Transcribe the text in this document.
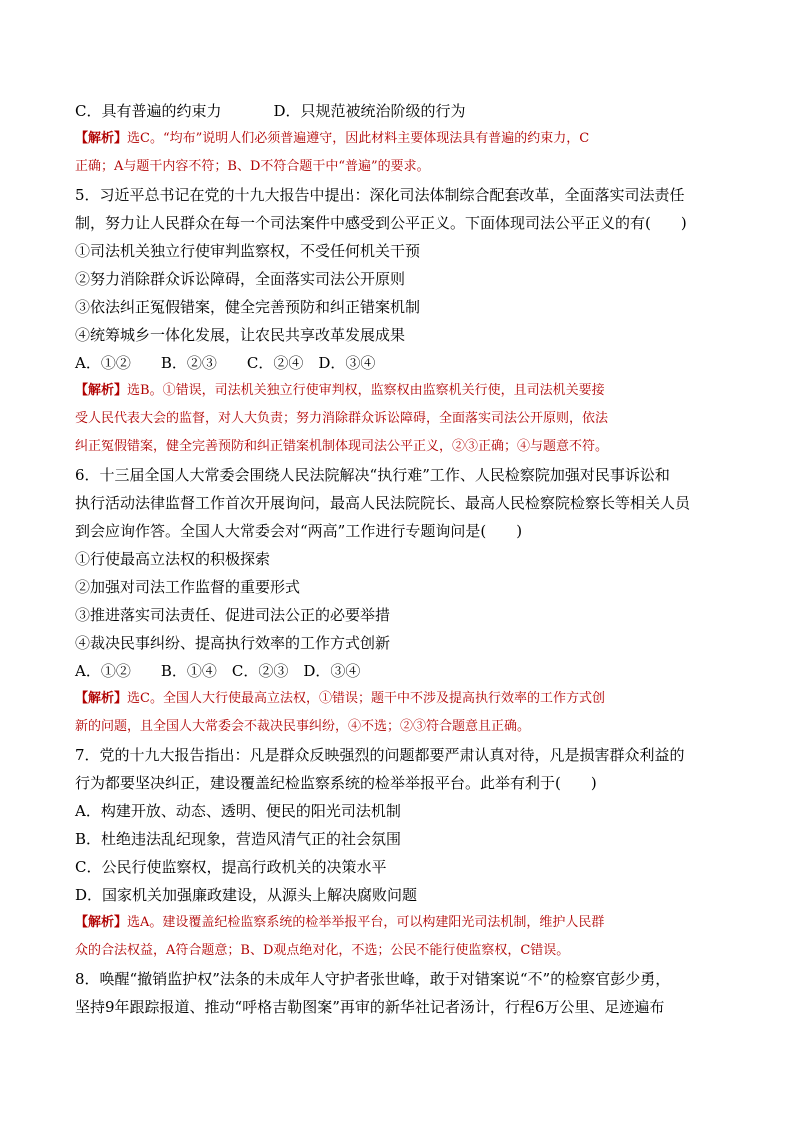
C．具有普遍的约束力	D．只规范被统治阶级的行为
【解析】选C。“均布”说明人们必须普遍遵守，因此材料主要体现法具有普遍的约束力，C
正确；A与题干内容不符；B、D不符合题干中“普遍”的要求。
5．习近平总书记在党的十九大报告中提出：深化司法体制综合配套改革，全面落实司法责任
制，努力让人民群众在每一个司法案件中感受到公平正义。下面体现司法公平正义的有(　　)
①司法机关独立行使审判监察权，不受任何机关干预
②努力消除群众诉讼障碍，全面落实司法公开原则
③依法纠正冤假错案，健全完善预防和纠正错案机制
④统筹城乡一体化发展，让农民共享改革发展成果
A．①②　　B．②③　　C．②④　D．③④
【解析】选B。①错误，司法机关独立行使审判权，监察权由监察机关行使，且司法机关要接
受人民代表大会的监督，对人大负责；努力消除群众诉讼障碍，全面落实司法公开原则，依法
纠正冤假错案，健全完善预防和纠正错案机制体现司法公平正义，②③正确；④与题意不符。
6．十三届全国人大常委会围绕人民法院解决“执行难”工作、人民检察院加强对民事诉讼和
执行活动法律监督工作首次开展询问，最高人民法院院长、最高人民检察院检察长等相关人员
到会应询作答。全国人大常委会对“两高”工作进行专题询问是(　　)
①行使最高立法权的积极探索
②加强对司法工作监督的重要形式
③推进落实司法责任、促进司法公正的必要举措
④裁决民事纠纷、提高执行效率的工作方式创新
A．①②　　B．①④　C．②③　D．③④
【解析】选C。全国人大行使最高立法权，①错误；题干中不涉及提高执行效率的工作方式创
新的问题，且全国人大常委会不裁决民事纠纷，④不选；②③符合题意且正确。
7．党的十九大报告指出：凡是群众反映强烈的问题都要严肃认真对待，凡是损害群众利益的
行为都要坚决纠正，建设覆盖纪检监察系统的检举举报平台。此举有利于(　　)
A．构建开放、动态、透明、便民的阳光司法机制
B．杜绝违法乱纪现象，营造风清气正的社会氛围
C．公民行使监察权，提高行政机关的决策水平
D．国家机关加强廉政建设，从源头上解决腐败问题
【解析】选A。建设覆盖纪检监察系统的检举举报平台，可以构建阳光司法机制，维护人民群
众的合法权益，A符合题意；B、D观点绝对化，不选；公民不能行使监察权，C错误。
8．唤醒“撤销监护权”法条的未成年人守护者张世峰，敢于对错案说“不”的检察官彭少勇，
坚持9年跟踪报道、推动“呼格吉勒图案”再审的新华社记者汤计，行程6万公里、足迹遍布
